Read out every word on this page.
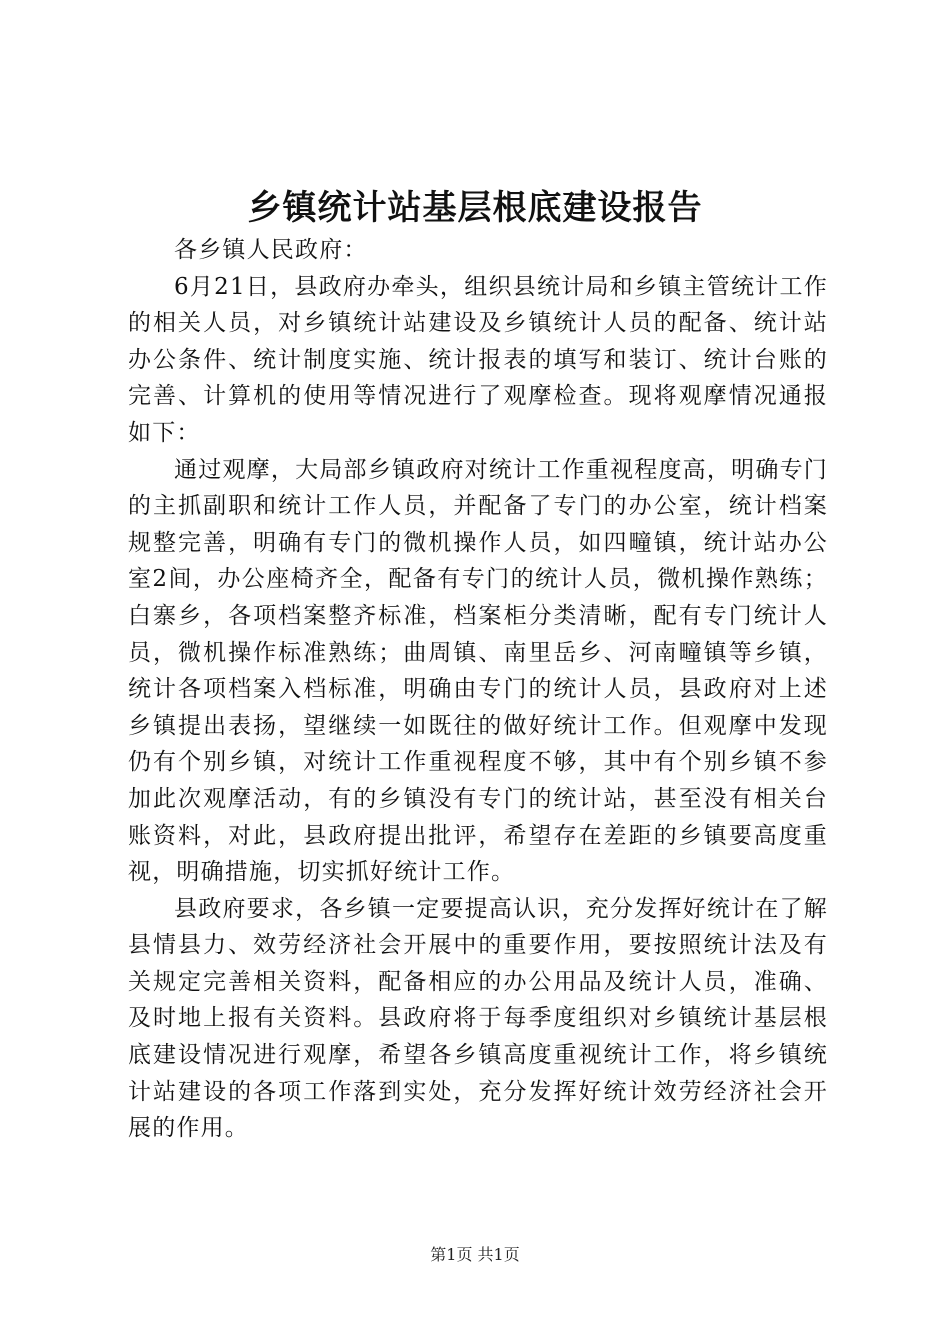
乡镇统计站基层根底建设报告

各乡镇人民政府：

6月21日，县政府办牵头，组织县统计局和乡镇主管统计工作的相关人员，对乡镇统计站建设及乡镇统计人员的配备、统计站办公条件、统计制度实施、统计报表的填写和装订、统计台账的完善、计算机的使用等情况进行了观摩检查。现将观摩情况通报如下：

通过观摩，大局部乡镇政府对统计工作重视程度高，明确专门的主抓副职和统计工作人员，并配备了专门的办公室，统计档案规整完善，明确有专门的微机操作人员，如四疃镇，统计站办公室2间，办公座椅齐全，配备有专门的统计人员，微机操作熟练；白寨乡，各项档案整齐标准，档案柜分类清晰，配有专门统计人员，微机操作标准熟练；曲周镇、南里岳乡、河南疃镇等乡镇，统计各项档案入档标准，明确由专门的统计人员，县政府对上述乡镇提出表扬，望继续一如既往的做好统计工作。但观摩中发现仍有个别乡镇，对统计工作重视程度不够，其中有个别乡镇不参加此次观摩活动，有的乡镇没有专门的统计站，甚至没有相关台账资料，对此，县政府提出批评，希望存在差距的乡镇要高度重视，明确措施，切实抓好统计工作。

县政府要求，各乡镇一定要提高认识，充分发挥好统计在了解县情县力、效劳经济社会开展中的重要作用，要按照统计法及有关规定完善相关资料，配备相应的办公用品及统计人员，准确、及时地上报有关资料。县政府将于每季度组织对乡镇统计基层根底建设情况进行观摩，希望各乡镇高度重视统计工作，将乡镇统计站建设的各项工作落到实处，充分发挥好统计效劳经济社会开展的作用。

第1页 共1页
